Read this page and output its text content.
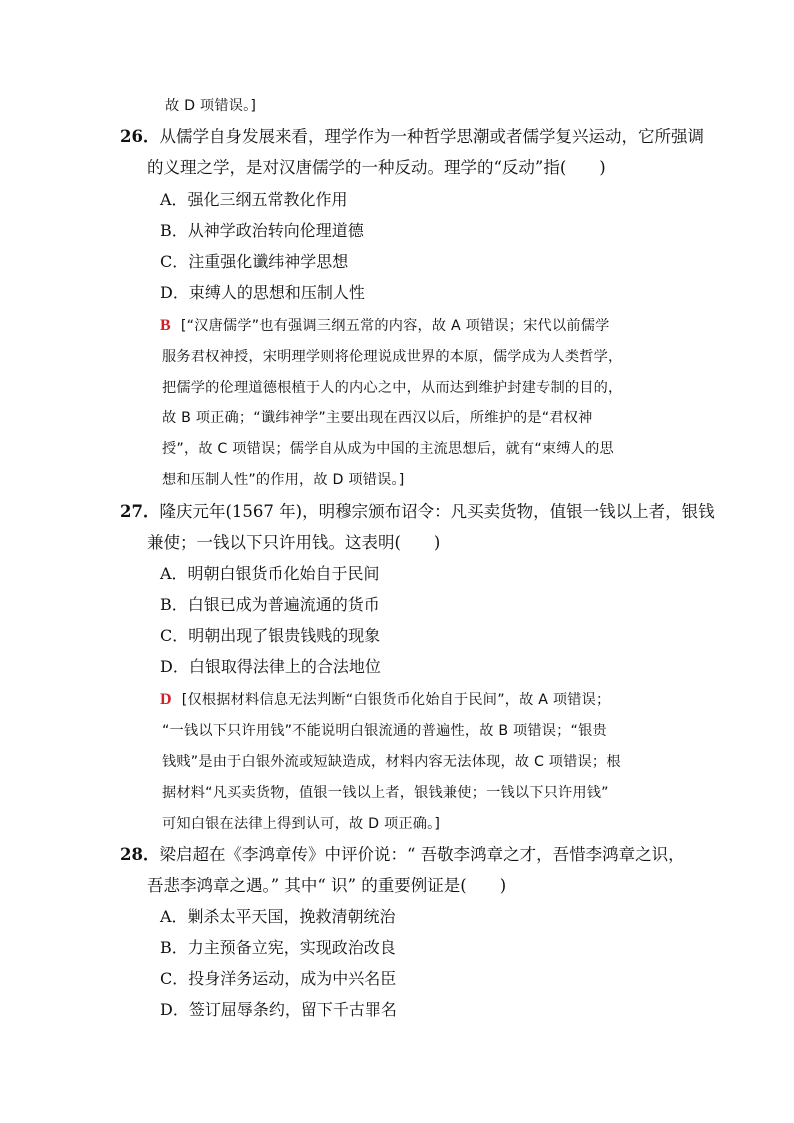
故 D 项错误。]
26．从儒学自身发展来看，理学作为一种哲学思潮或者儒学复兴运动，它所强调
的义理之学，是对汉唐儒学的一种反动。理学的“反动”指(　　)
A．强化三纲五常教化作用
B．从神学政治转向伦理道德
C．注重强化谶纬神学思想
D．束缚人的思想和压制人性
B [“汉唐儒学”也有强调三纲五常的内容，故 A 项错误；宋代以前儒学
服务君权神授，宋明理学则将伦理说成世界的本原，儒学成为人类哲学，
把儒学的伦理道德根植于人的内心之中，从而达到维护封建专制的目的，
故 B 项正确；“谶纬神学”主要出现在西汉以后，所维护的是“君权神
授”，故 C 项错误；儒学自从成为中国的主流思想后，就有“束缚人的思
想和压制人性”的作用，故 D 项错误。]
27．隆庆元年(1567 年)，明穆宗颁布诏令：凡买卖货物，值银一钱以上者，银钱
兼使；一钱以下只许用钱。这表明(　　)
A．明朝白银货币化始自于民间
B．白银已成为普遍流通的货币
C．明朝出现了银贵钱贱的现象
D．白银取得法律上的合法地位
D [仅根据材料信息无法判断“白银货币化始自于民间”，故 A 项错误；
“一钱以下只许用钱”不能说明白银流通的普遍性，故 B 项错误；“银贵
钱贱”是由于白银外流或短缺造成，材料内容无法体现，故 C 项错误；根
据材料“凡买卖货物，值银一钱以上者，银钱兼使；一钱以下只许用钱”
可知白银在法律上得到认可，故 D 项正确。]
28．梁启超在《李鸿章传》中评价说：“ 吾敬李鸿章之才，吾惜李鸿章之识，
吾悲李鸿章之遇。” 其中“ 识” 的重要例证是(　　)
A．剿杀太平天国，挽救清朝统治
B．力主预备立宪，实现政治改良
C．投身洋务运动，成为中兴名臣
D．签订屈辱条约，留下千古罪名
